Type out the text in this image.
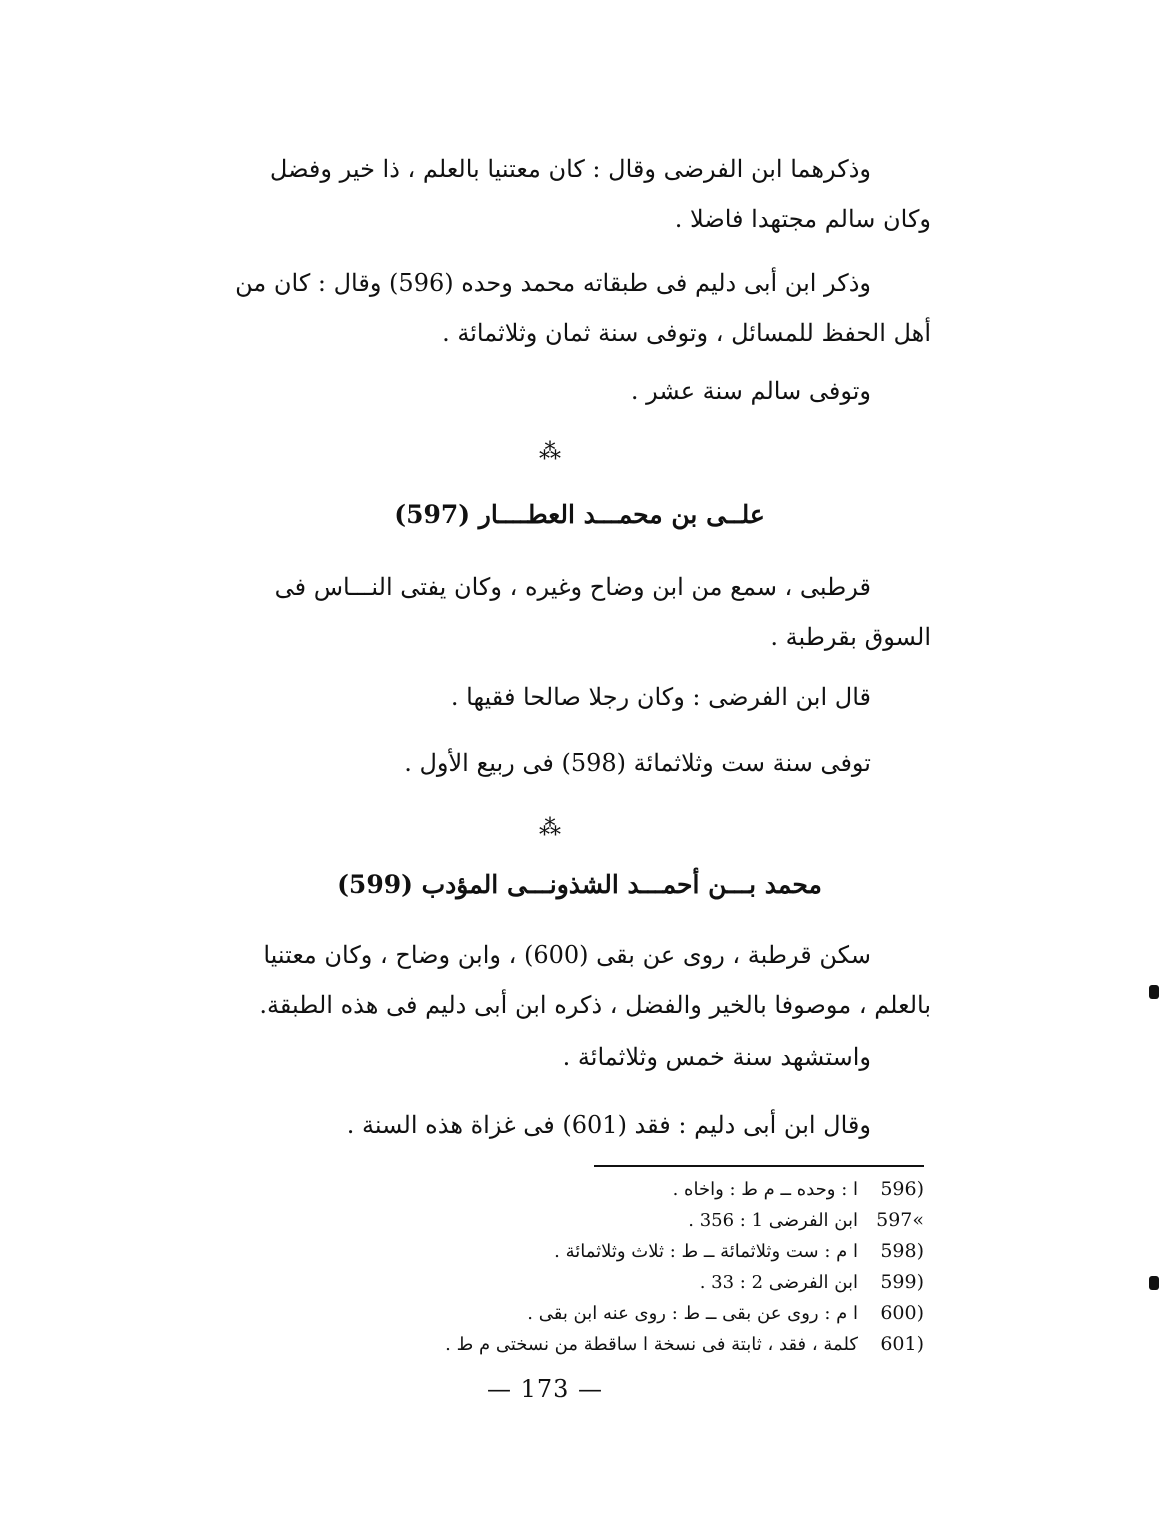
وذكرهما ابن الفرضى وقال : كان معتنيا بالعلم ، ذا خير وفضل
وكان سالم مجتهدا فاضلا .
وذكر ابن أبى دليم فى طبقاته محمد وحده (596) وقال : كان من
أهل الحفظ للمسائل ، وتوفى سنة ثمان وثلاثمائة .
وتوفى سالم سنة عشر .
⁂
علــى بن محمـــد العطــــار (597)
قرطبى ، سمع من ابن وضاح وغيره ، وكان يفتى النـــاس فى
السوق بقرطبة .
قال ابن الفرضى : وكان رجلا صالحا فقيها .
توفى سنة ست وثلاثمائة (598) فى ربيع الأول .
⁂
محمد بـــن أحمـــد الشذونـــى المؤدب (599)
سكن قرطبة ، روى عن بقى (600) ، وابن وضاح ، وكان معتنيا
بالعلم ، موصوفا بالخير والفضل ، ذكره ابن أبى دليم فى هذه الطبقة.
واستشهد سنة خمس وثلاثمائة .
وقال ابن أبى دليم : فقد (601) فى غزاة هذه السنة .
(596
ا : وحده ــ م ط : واخاه .
»597
ابن الفرضى 1 : 356 .
(598
ا م : ست وثلاثمائة ــ ط : ثلاث وثلاثمائة .
(599
ابن الفرضى 2 : 33 .
(600
ا م : روى عن بقى ــ ط : روى عنه ابن بقى .
(601
كلمة ، فقد ، ثابتة فى نسخة ا ساقطة من نسختى م ط .
— 173 —
